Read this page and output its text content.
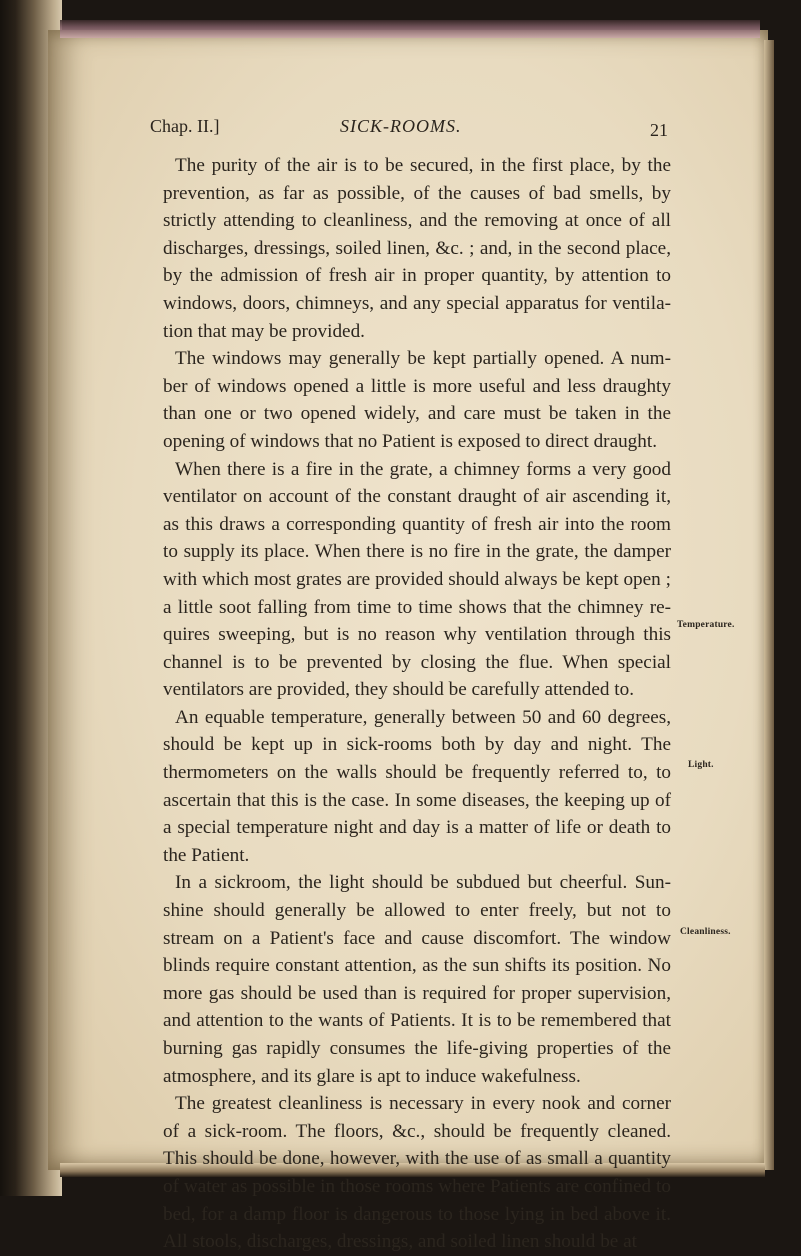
Chap. II.]	SICK-ROOMS.	21

The purity of the air is to be secured, in the first place, by the prevention, as far as possible, of the causes of bad smells, by strictly attending to cleanliness, and the removing at once of all discharges, dressings, soiled linen, &c. ; and, in the second place, by the admission of fresh air in proper quantity, by attention to windows, doors, chimneys, and any special apparatus for ventila-tion that may be provided.

The windows may generally be kept partially opened. A num-ber of windows opened a little is more useful and less draughty than one or two opened widely, and care must be taken in the opening of windows that no Patient is exposed to direct draught.

When there is a fire in the grate, a chimney forms a very good ventilator on account of the constant draught of air ascending it, as this draws a corresponding quantity of fresh air into the room to supply its place. When there is no fire in the grate, the damper with which most grates are provided should always be kept open ; a little soot falling from time to time shows that the chimney re-quires sweeping, but is no reason why ventilation through this channel is to be prevented by closing the flue. When special ventilators are provided, they should be carefully attended to.

An equable temperature, generally between 50 and 60 degrees, should be kept up in sick-rooms both by day and night. The thermometers on the walls should be frequently referred to, to ascertain that this is the case. In some diseases, the keeping up of a special temperature night and day is a matter of life or death to the Patient.

In a sickroom, the light should be subdued but cheerful. Sun-shine should generally be allowed to enter freely, but not to stream on a Patient's face and cause discomfort. The window blinds require constant attention, as the sun shifts its position. No more gas should be used than is required for proper supervision, and attention to the wants of Patients. It is to be remembered that burning gas rapidly consumes the life-giving properties of the atmosphere, and its glare is apt to induce wakefulness.

The greatest cleanliness is necessary in every nook and corner of a sick-room. The floors, &c., should be frequently cleaned. This should be done, however, with the use of as small a quantity of water as possible in those rooms where Patients are confined to bed, for a damp floor is dangerous to those lying in bed above it. All stools, discharges, dressings, and soiled linen should be at

Temperature.
Light.
Cleanliness.
